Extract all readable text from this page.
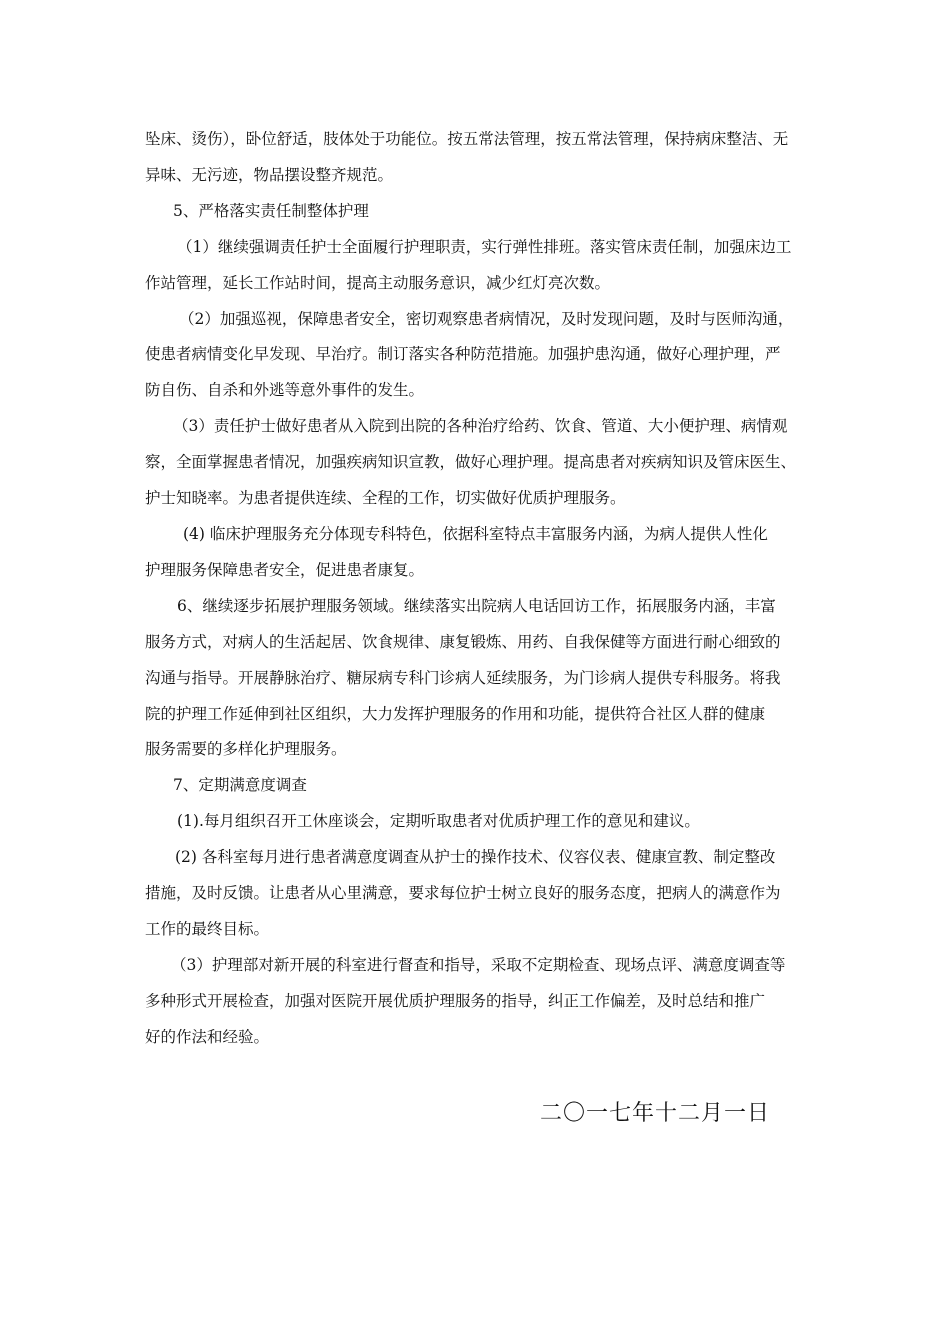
坠床、烫伤），卧位舒适，肢体处于功能位。按五常法管理，按五常法管理，保持病床整洁、无
异味、无污迹，物品摆设整齐规范。

5、严格落实责任制整体护理

（1）继续强调责任护士全面履行护理职责，实行弹性排班。落实管床责任制，加强床边工
作站管理，延长工作站时间，提高主动服务意识，减少红灯亮次数。

（2）加强巡视，保障患者安全，密切观察患者病情况，及时发现问题，及时与医师沟通，
使患者病情变化早发现、早治疗。制订落实各种防范措施。加强护患沟通，做好心理护理，严
防自伤、自杀和外逃等意外事件的发生。

（3）责任护士做好患者从入院到出院的各种治疗给药、饮食、管道、大小便护理、病情观
察，全面掌握患者情况，加强疾病知识宣教，做好心理护理。提高患者对疾病知识及管床医生、
护士知晓率。为患者提供连续、全程的工作，切实做好优质护理服务。

(4) 临床护理服务充分体现专科特色，依据科室特点丰富服务内涵，为病人提供人性化
护理服务保障患者安全，促进患者康复。

6、继续逐步拓展护理服务领域。继续落实出院病人电话回访工作，拓展服务内涵，丰富
服务方式，对病人的生活起居、饮食规律、康复锻炼、用药、自我保健等方面进行耐心细致的
沟通与指导。开展静脉治疗、糖尿病专科门诊病人延续服务，为门诊病人提供专科服务。将我
院的护理工作延伸到社区组织，大力发挥护理服务的作用和功能，提供符合社区人群的健康
服务需要的多样化护理服务。

7、定期满意度调查

(1).每月组织召开工休座谈会，定期听取患者对优质护理工作的意见和建议。

(2) 各科室每月进行患者满意度调查从护士的操作技术、仪容仪表、健康宣教、制定整改
措施，及时反馈。让患者从心里满意，要求每位护士树立良好的服务态度，把病人的满意作为
工作的最终目标。

（3）护理部对新开展的科室进行督查和指导，采取不定期检查、现场点评、满意度调查等
多种形式开展检查，加强对医院开展优质护理服务的指导，纠正工作偏差，及时总结和推广
好的作法和经验。

二〇一七年十二月一日
